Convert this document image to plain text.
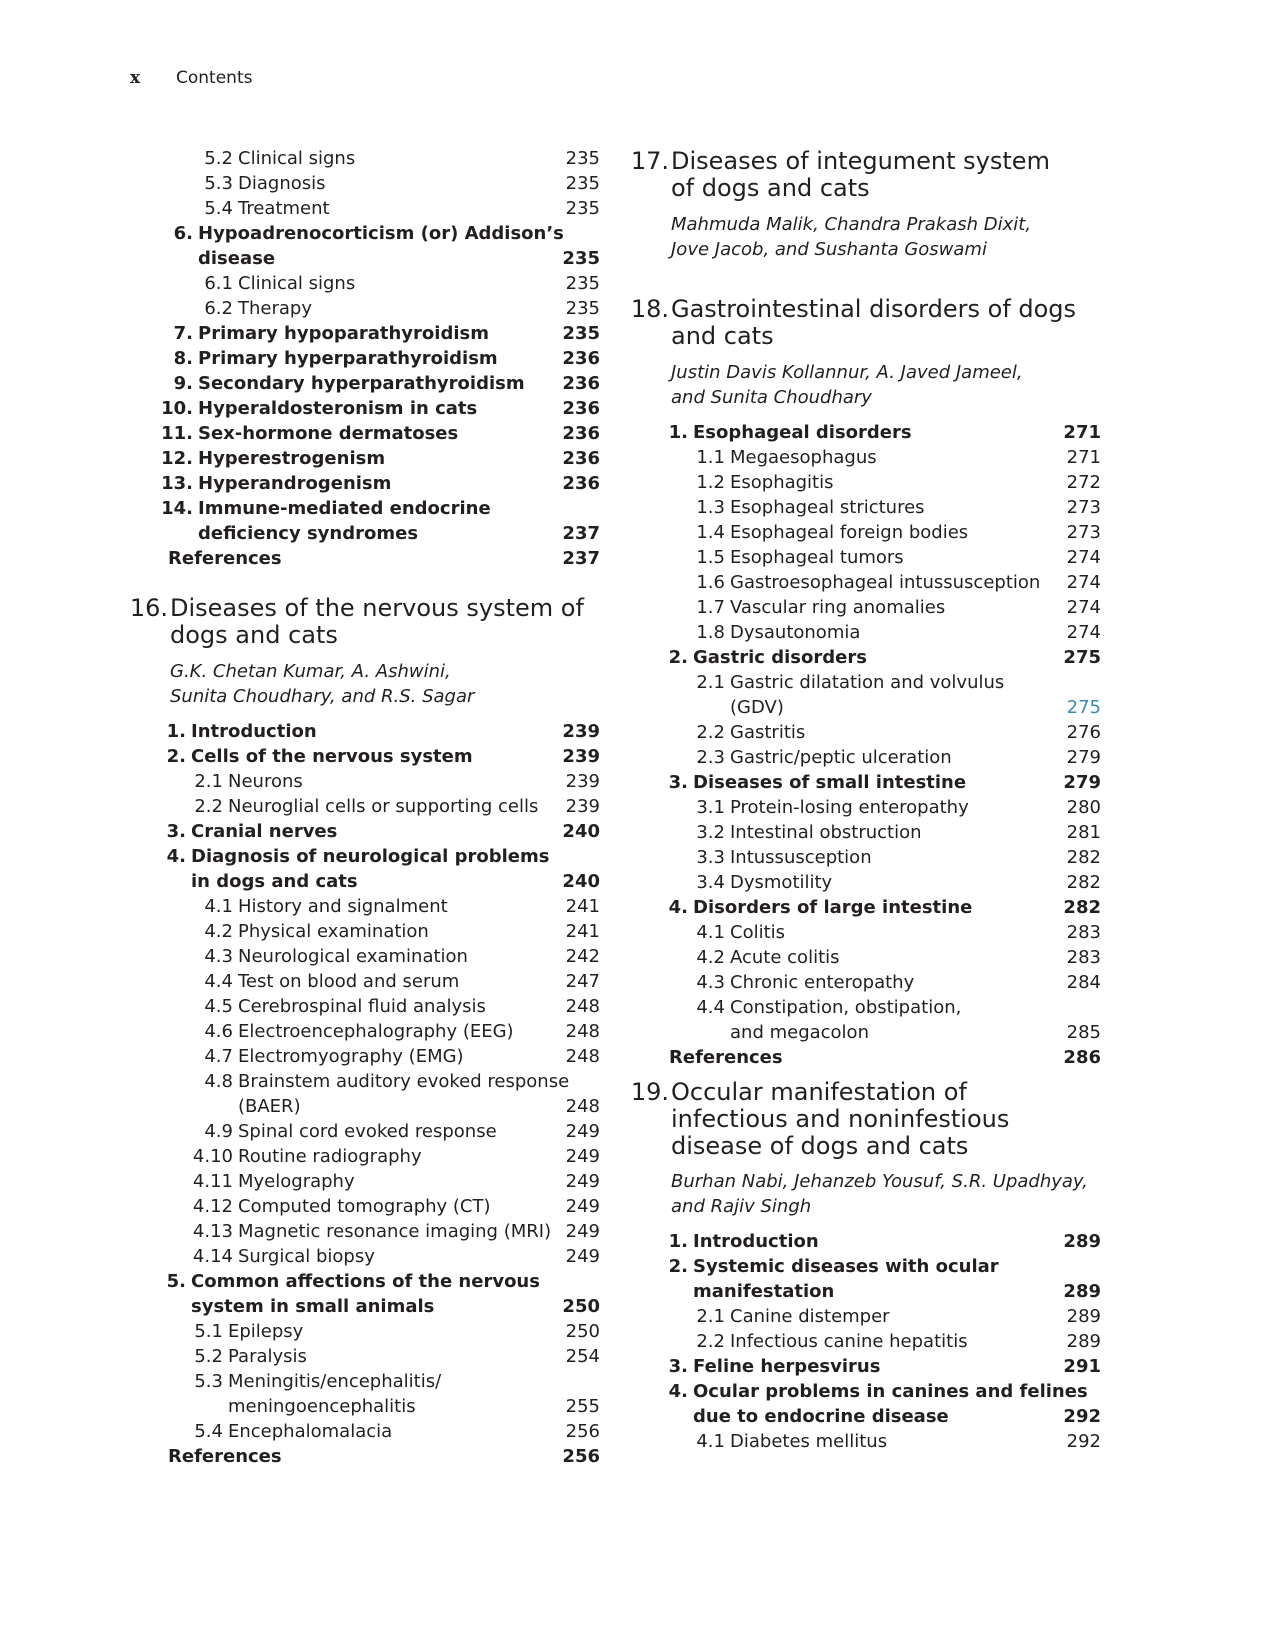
x Contents
5.2 Clinical signs	235
5.3 Diagnosis	235
5.4 Treatment	235
6. Hypoadrenocorticism (or) Addison’s
disease	235
6.1 Clinical signs	235
6.2 Therapy	235
7. Primary hypoparathyroidism	235
8. Primary hyperparathyroidism	236
9. Secondary hyperparathyroidism	236
10. Hyperaldosteronism in cats	236
11. Sex-hormone dermatoses	236
12. Hyperestrogenism	236
13. Hyperandrogenism	236
14. Immune-mediated endocrine
deficiency syndromes	237
References	237
16. Diseases of the nervous system of
dogs and cats
G.K. Chetan Kumar, A. Ashwini,
Sunita Choudhary, and R.S. Sagar
1. Introduction	239
2. Cells of the nervous system	239
2.1 Neurons	239
2.2 Neuroglial cells or supporting cells	239
3. Cranial nerves	240
4. Diagnosis of neurological problems
in dogs and cats	240
4.1 History and signalment	241
4.2 Physical examination	241
4.3 Neurological examination	242
4.4 Test on blood and serum	247
4.5 Cerebrospinal fluid analysis	248
4.6 Electroencephalography (EEG)	248
4.7 Electromyography (EMG)	248
4.8 Brainstem auditory evoked response
(BAER)	248
4.9 Spinal cord evoked response	249
4.10 Routine radiography	249
4.11 Myelography	249
4.12 Computed tomography (CT)	249
4.13 Magnetic resonance imaging (MRI) 249
4.14 Surgical biopsy	249
5. Common affections of the nervous
system in small animals	250
5.1 Epilepsy	250
5.2 Paralysis	254
5.3 Meningitis/encephalitis/
meningoencephalitis	255
5.4 Encephalomalacia	256
References	256
17. Diseases of integument system
of dogs and cats
Mahmuda Malik, Chandra Prakash Dixit,
Jove Jacob, and Sushanta Goswami
18. Gastrointestinal disorders of dogs
and cats
Justin Davis Kollannur, A. Javed Jameel,
and Sunita Choudhary
1. Esophageal disorders	271
1.1 Megaesophagus	271
1.2 Esophagitis	272
1.3 Esophageal strictures	273
1.4 Esophageal foreign bodies	273
1.5 Esophageal tumors	274
1.6 Gastroesophageal intussusception	274
1.7 Vascular ring anomalies	274
1.8 Dysautonomia	274
2. Gastric disorders	275
2.1 Gastric dilatation and volvulus
(GDV)	275
2.2 Gastritis	276
2.3 Gastric/peptic ulceration	279
3. Diseases of small intestine	279
3.1 Protein-losing enteropathy	280
3.2 Intestinal obstruction	281
3.3 Intussusception	282
3.4 Dysmotility	282
4. Disorders of large intestine	282
4.1 Colitis	283
4.2 Acute colitis	283
4.3 Chronic enteropathy	284
4.4 Constipation, obstipation,
and megacolon	285
References	286
19. Occular manifestation of
infectious and noninfestious
disease of dogs and cats
Burhan Nabi, Jehanzeb Yousuf, S.R. Upadhyay,
and Rajiv Singh
1. Introduction	289
2. Systemic diseases with ocular
manifestation	289
2.1 Canine distemper	289
2.2 Infectious canine hepatitis	289
3. Feline herpesvirus	291
4. Ocular problems in canines and felines
due to endocrine disease	292
4.1 Diabetes mellitus	292
